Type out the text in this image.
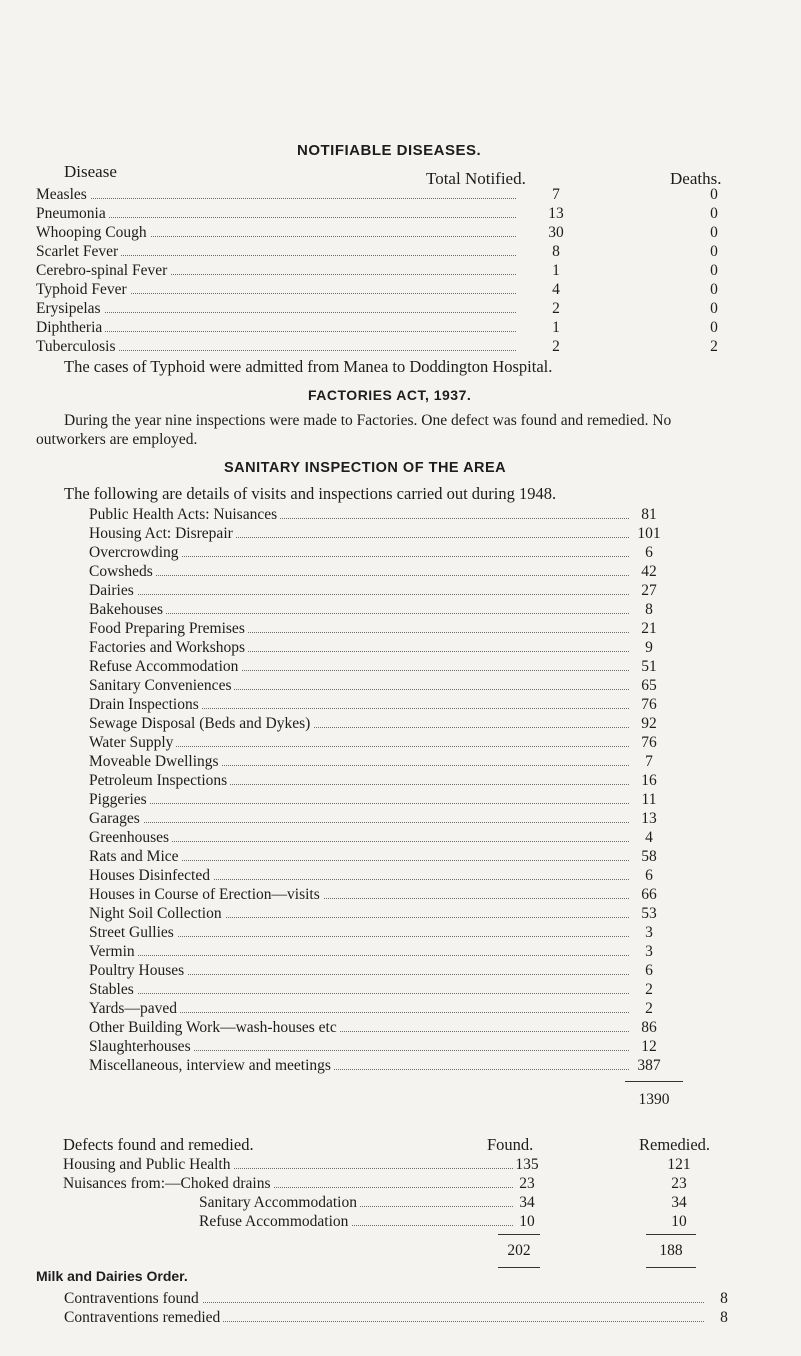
NOTIFIABLE DISEASES.
Disease	Total Notified.	Deaths.
Measles	7	0
Pneumonia	13	0
Whooping Cough	30	0
Scarlet Fever	8	0
Cerebro-spinal Fever	1	0
Typhoid Fever	4	0
Erysipelas	2	0
Diphtheria	1	0
Tuberculosis	2	2
The cases of Typhoid were admitted from Manea to Doddington Hospital.
FACTORIES ACT, 1937.

During the year nine inspections were made to Factories. One defect was found and remedied. No outworkers are employed.

SANITARY INSPECTION OF THE AREA
The following are details of visits and inspections carried out during 1948.
Public Health Acts: Nuisances	81
Housing Act: Disrepair	101
Overcrowding	6
Cowsheds	42
Dairies	27
Bakehouses	8
Food Preparing Premises	21
Factories and Workshops	9
Refuse Accommodation	51
Sanitary Conveniences	65
Drain Inspections	76
Sewage Disposal (Beds and Dykes)	92
Water Supply	76
Moveable Dwellings	7
Petroleum Inspections	16
Piggeries	11
Garages	13
Greenhouses	4
Rats and Mice	58
Houses Disinfected	6
Houses in Course of Erection—visits	66
Night Soil Collection	53
Street Gullies	3
Vermin	3
Poultry Houses	6
Stables	2
Yards—paved	2
Other Building Work—wash-houses etc	86
Slaughterhouses	12
Miscellaneous, interview and meetings	387
1390
Defects found and remedied.	Found.	Remedied.
Housing and Public Health	135	121
Nuisances from:—Choked drains	23	23
Sanitary Accommodation	34	34
Refuse Accommodation	10	10
202	188
Milk and Dairies Order.
Contraventions found	8
Contraventions remedied	8
